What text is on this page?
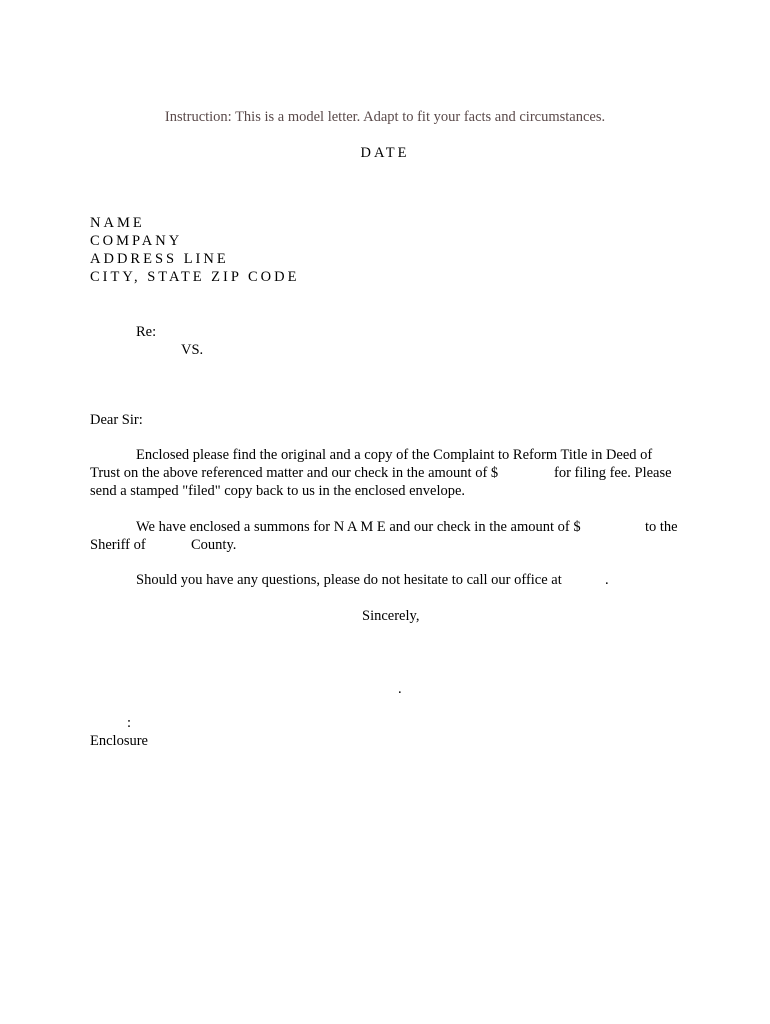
Instruction: This is a model letter. Adapt to fit your facts and circumstances.
DATE
NAME
COMPANY
ADDRESS LINE
CITY, STATE ZIP CODE
Re:
VS.
Dear Sir:
Enclosed please find the original and a copy of the Complaint to Reform Title in Deed of
Trust on the above referenced matter and our check in the amount of $	for filing fee. Please
send a stamped "filed" copy back to us in the enclosed envelope.
We have enclosed a summons for N A M E and our check in the amount of $	to the
Sheriff of	County.
Should you have any questions, please do not hesitate to call our office at	.
Sincerely,
.
:
Enclosure
